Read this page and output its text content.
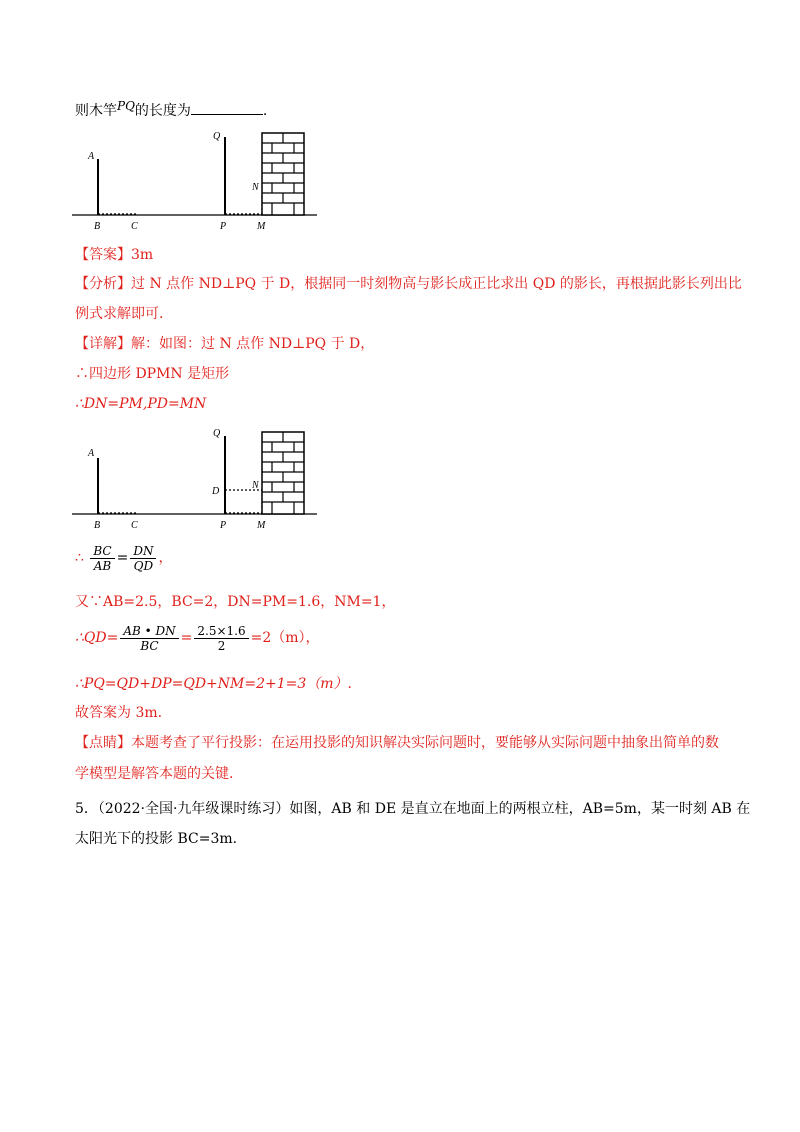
则木竿PQ的长度为	.
A
B	C
Q
P	M
N
【答案】3m
【分析】过 N 点作 ND⊥PQ 于 D，根据同一时刻物高与影长成正比求出 QD 的影长，再根据此影长列出比
例式求解即可.
【详解】解：如图：过 N 点作 ND⊥PQ 于 D，
∴四边形 DPMN 是矩形
∴DN=PM,PD=MN
A
B	C
Q
D
P	M
N
∴ $\frac{BC}{AB} = \frac{DN}{QD}$ ，
又∵AB=2.5，BC=2，DN=PM=1.6，NM=1，
∴QD= $\frac{AB • DN}{BC} = \frac{2.5\times 1.6}{2} =2(m)$，
∴PQ=QD+DP=QD+NM=2+1=3（m）.
故答案为 3m.
【点睛】本题考查了平行投影：在运用投影的知识解决实际问题时，要能够从实际问题中抽象出简单的数
学模型是解答本题的关键.
5．（2022·全国·九年级课时练习）如图，AB 和 DE 是直立在地面上的两根立柱，AB=5m，某一时刻 AB 在
太阳光下的投影 BC=3m.
